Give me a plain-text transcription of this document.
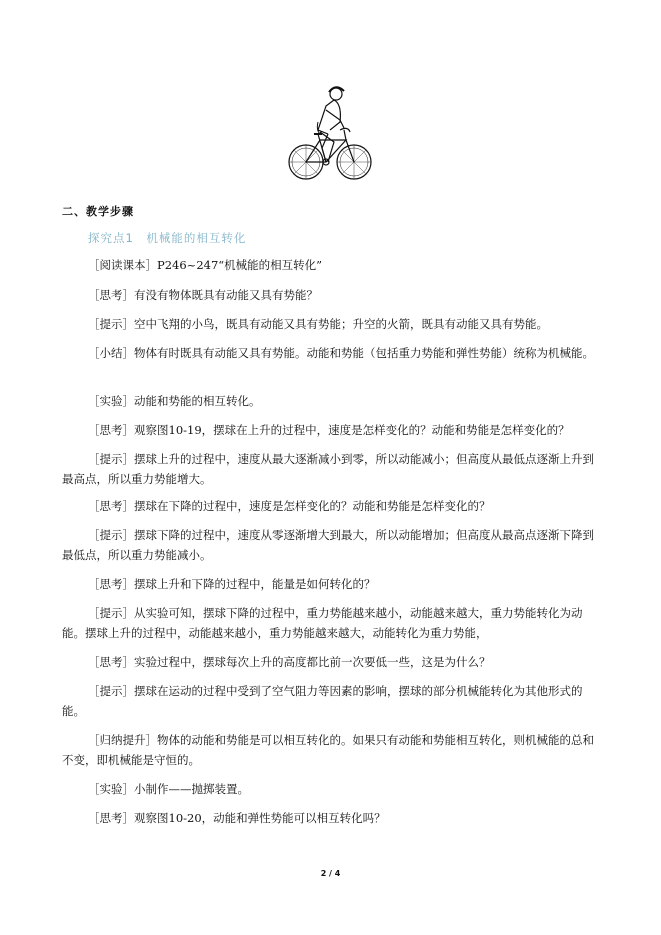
二、教学步骤
探究点1　机械能的相互转化
［阅读课本］P246~247“机械能的相互转化”
［思考］有没有物体既具有动能又具有势能？
［提示］空中飞翔的小鸟，既具有动能又具有势能；升空的火箭，既具有动能又具有势能。
［小结］物体有时既具有动能又具有势能。动能和势能（包括重力势能和弹性势能）统称为机械能。
［实验］动能和势能的相互转化。
［思考］观察图10-19，摆球在上升的过程中，速度是怎样变化的？动能和势能是怎样变化的？
［提示］摆球上升的过程中，速度从最大逐渐减小到零，所以动能减小；但高度从最低点逐渐上升到最高点，所以重力势能增大。
［思考］摆球在下降的过程中，速度是怎样变化的？动能和势能是怎样变化的？
［提示］摆球下降的过程中，速度从零逐渐增大到最大，所以动能增加；但高度从最高点逐渐下降到最低点，所以重力势能减小。
［思考］摆球上升和下降的过程中，能量是如何转化的？
［提示］从实验可知，摆球下降的过程中，重力势能越来越小，动能越来越大，重力势能转化为动能。摆球上升的过程中，动能越来越小，重力势能越来越大，动能转化为重力势能，
［思考］实验过程中，摆球每次上升的高度都比前一次要低一些，这是为什么？
［提示］摆球在运动的过程中受到了空气阻力等因素的影响，摆球的部分机械能转化为其他形式的能。
［归纳提升］物体的动能和势能是可以相互转化的。如果只有动能和势能相互转化，则机械能的总和不变，即机械能是守恒的。
［实验］小制作——抛掷装置。
［思考］观察图10-20，动能和弹性势能可以相互转化吗？
2 / 4
